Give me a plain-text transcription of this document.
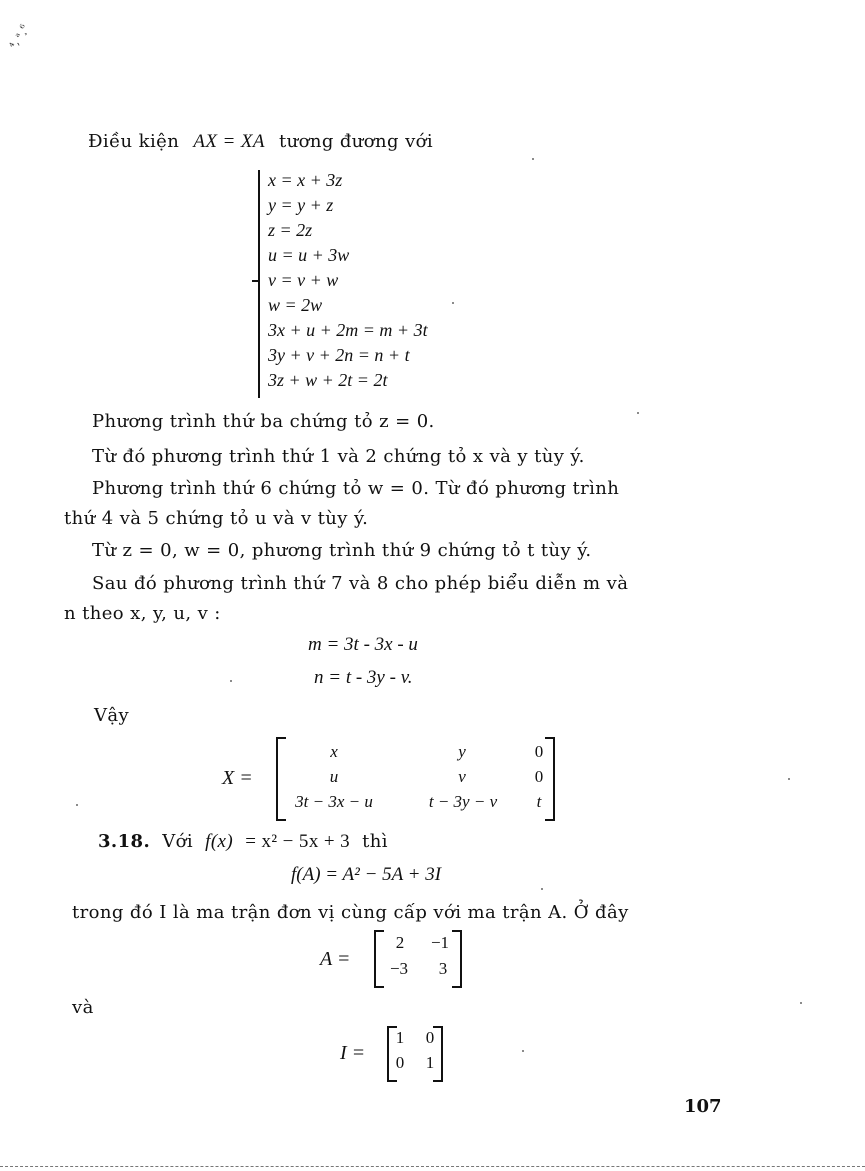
⁴, ᵃ¸⁶
Điều kiện AX = XA tương đương với
x = x + 3z
y = y + z
z = 2z
u = u + 3w
v = v + w
w = 2w
3x + u + 2m = m + 3t
3y + v + 2n = n + t
3z + w + 2t = 2t
Phương trình thứ ba chứng tỏ z = 0.
Từ đó phương trình thứ 1 và 2 chứng tỏ x và y tùy ý.
Phương trình thứ 6 chứng tỏ w = 0. Từ đó phương trình
thứ 4 và 5 chứng tỏ u và v tùy ý.
Từ z = 0, w = 0, phương trình thứ 9 chứng tỏ t tùy ý.
Sau đó phương trình thứ 7 và 8 cho phép biểu diễn m và
n theo x, y, u, v :
m = 3t - 3x - u
n = t - 3y - v.
Vậy
X =
x	y	0
u	v	0
3t − 3x − u	t − 3y − v	t
3.18. Với f(x) = x² − 5x + 3 thì
f(A) = A² − 5A + 3I
trong đó I là ma trận đơn vị cùng cấp với ma trận A. Ở đây
A =
2	−1
−3	3
và
I =
1 0
0 1
107
